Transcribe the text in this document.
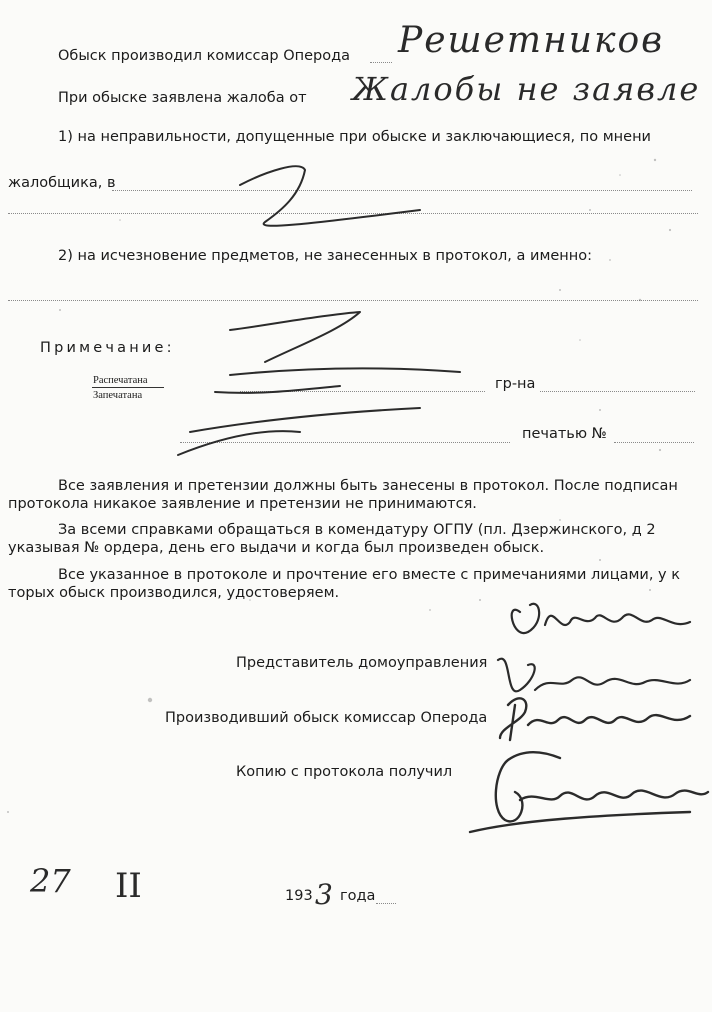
Обыск производил комиссар Оперода
При обыске заявлена жалоба от
1) на неправильности, допущенные при обыске и заключающиеся, по мнени
жалобщика, в
2) на исчезновение предметов, не занесенных в протокол, а именно:
Примечание:
Распечатана
Запечатана
гр-на
печатью №
Все заявления и претензии должны быть занесены в протокол. После подписан
протокола никакое заявление и претензии не принимаются.
За всеми справками обращаться в комендатуру ОГПУ (пл. Дзержинского, д 2
указывая № ордера, день его выдачи и когда был произведен обыск.
Все указанное в протоколе и прочтение его вместе с примечаниями лицами, у к
торых обыск производился, удостоверяем.
Представитель домоуправления
Производивший обыск комиссар Оперода
Копию с протокола получил
193 года
Решетников
Жалобы не заявле
27 II	3
